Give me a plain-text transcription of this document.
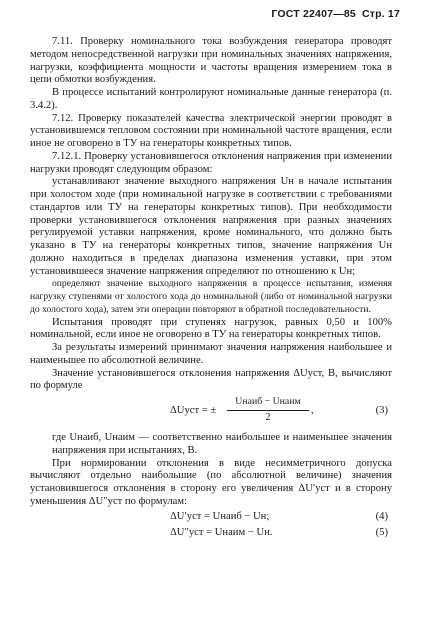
ГОСТ 22407—85 Стр. 17

7.11. Проверку номинального тока возбуждения генератора проводят методом непосредственной нагрузки при номинальных значениях напряжения, нагрузки, коэффициента мощности и частоты вращения измерением тока в цепи обмотки возбуждения.

В процессе испытаний контролируют номинальные данные генератора (п. 3.4.2).

7.12. Проверку показателей качества электрической энергии проводят в установившемся тепловом состоянии при номинальной частоте вращения, если иное не оговорено в ТУ на генераторы конкретных типов.

7.12.1. Проверку установившегося отклонения напряжения при изменении нагрузки проводят следующим образом:

устанавливают значение выходного напряжения Uн в начале испытания при холостом ходе (при номинальной нагрузке в соответствии с требованиями стандартов или ТУ на генераторы конкретных типов). При необходимости проверки установившегося отклонения напряжения при разных значениях регулируемой уставки напряжения, кроме номинального, что должно быть указано в ТУ на генераторы конкретных типов, значение напряжения Uн должно находиться в пределах диапазона изменения уставки, при этом установившееся значение напряжения определяют по отношению к Uн;

определяют значение выходного напряжения в процессе испытания, изменяя нагрузку ступенями от холостого хода до номинальной (либо от номинальной нагрузки до холостого хода), затем эти операции повторяют в обратной последовательности.

Испытания проводят при ступенях нагрузок, равных 0,50 и 100% номинальной, если иное не оговорено в ТУ на генераторы конкретных типов.

За результаты измерений принимают значения напряжения наибольшее и наименьшее по абсолютной величине.

Значение установившегося отклонения напряжения ΔUуст, В, вычисляют по формуле

ΔUуст = ±
Uнаиб − Uнаим
2
,	(3)

где Uнаиб, Uнаим — соответственно наибольшее и наименьшее значения напряжения при испытаниях, В.

При нормировании отклонения в виде несимметричного допуска вычисляют отдельно наибольшие (по абсолютной величине) значения установившегося отклонения в сторону его увеличения ΔU′уст и в сторону уменьшения ΔU″уст по формулам:

ΔU′уст = Uнаиб − Uн;	(4)
ΔU″уст = Uнаим − Uн.	(5)
